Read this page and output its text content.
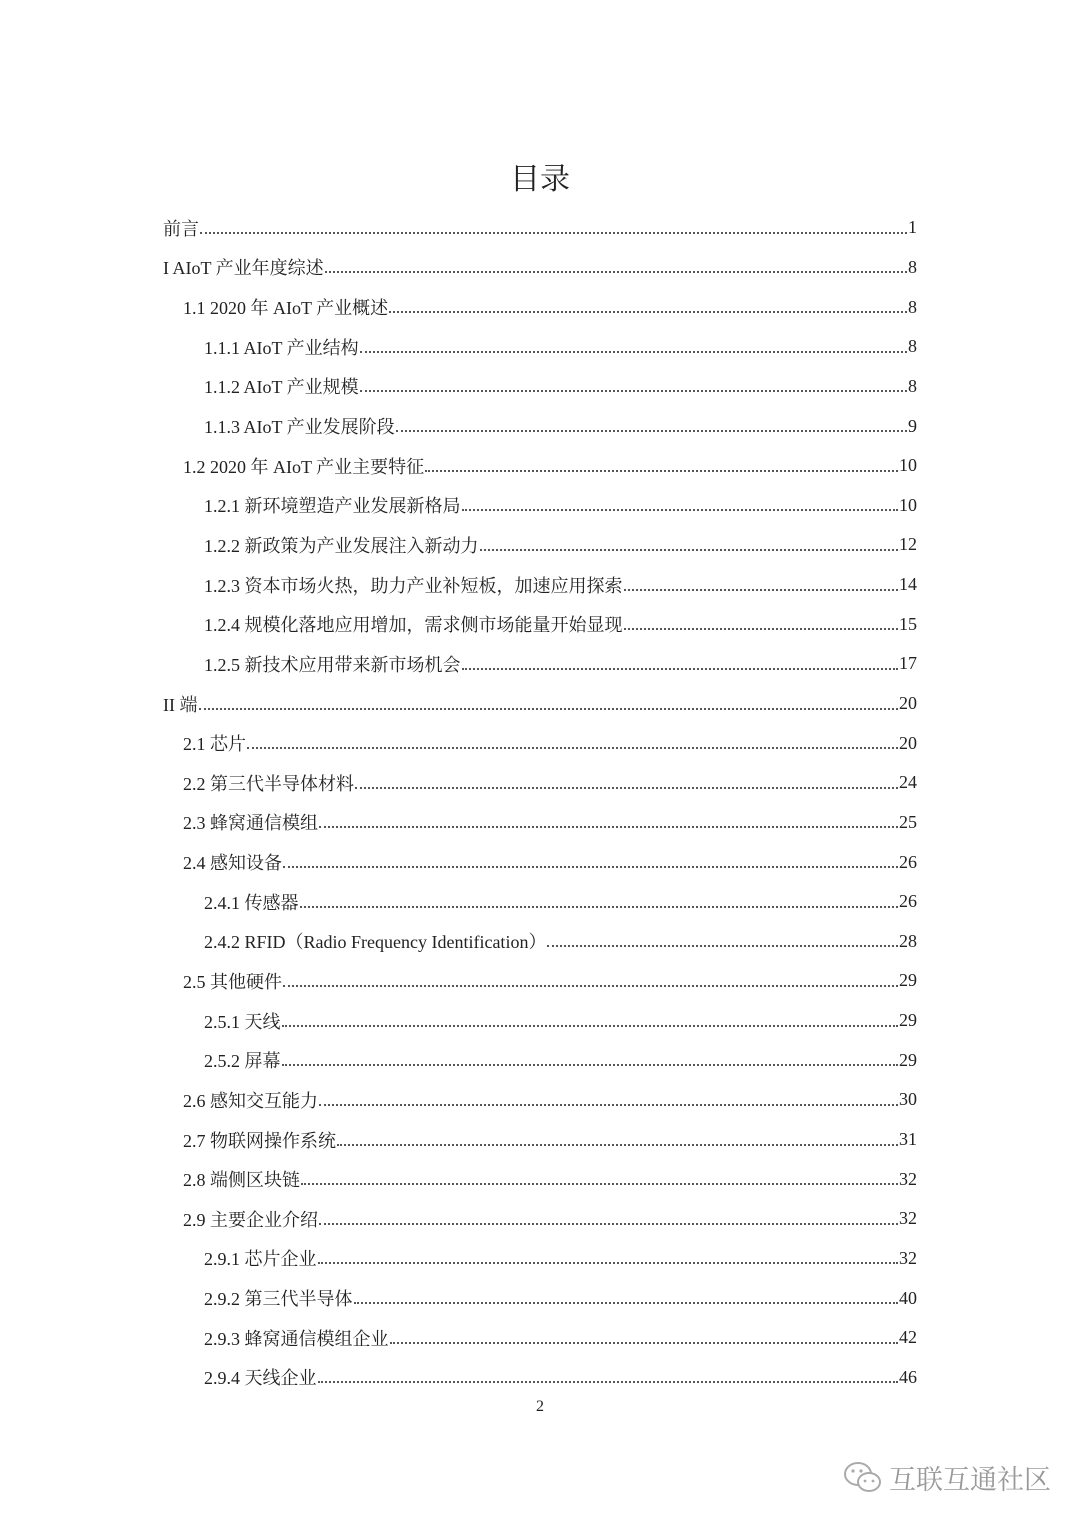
目录
前言	1
I AIoT 产业年度综述	8
1.1 2020 年 AIoT 产业概述	8
1.1.1 AIoT 产业结构	8
1.1.2 AIoT 产业规模	8
1.1.3 AIoT 产业发展阶段	9
1.2 2020 年 AIoT 产业主要特征	10
1.2.1 新环境塑造产业发展新格局	10
1.2.2 新政策为产业发展注入新动力	12
1.2.3 资本市场火热，助力产业补短板，加速应用探索	14
1.2.4 规模化落地应用增加，需求侧市场能量开始显现	15
1.2.5 新技术应用带来新市场机会	17
II 端	20
2.1 芯片	20
2.2 第三代半导体材料	24
2.3 蜂窝通信模组	25
2.4 感知设备	26
2.4.1 传感器	26
2.4.2 RFID（Radio Frequency Identification）	28
2.5 其他硬件	29
2.5.1 天线	29
2.5.2 屏幕	29
2.6 感知交互能力	30
2.7 物联网操作系统	31
2.8 端侧区块链	32
2.9 主要企业介绍	32
2.9.1 芯片企业	32
2.9.2 第三代半导体	40
2.9.3 蜂窝通信模组企业	42
2.9.4 天线企业	46
2
互联互通社区
